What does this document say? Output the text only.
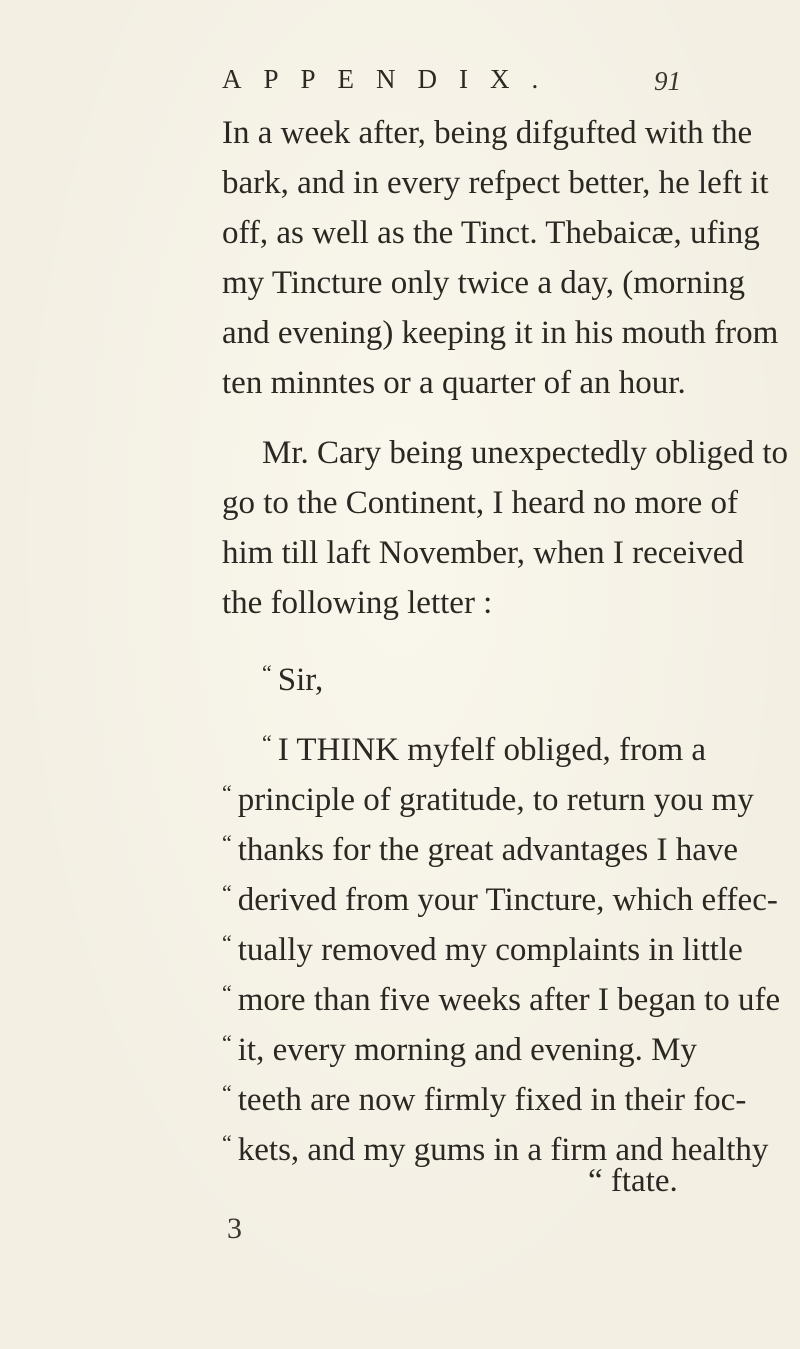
APPENDIX.	91
In a week after, being difgufted with the
bark, and in every refpect better, he left it
off, as well as the Tinct. Thebaicæ, ufing
my Tincture only twice a day, (morning
and evening) keeping it in his mouth from
ten minntes or a quarter of an hour.
Mr. Cary being unexpectedly obliged to
go to the Continent, I heard no more of
him till laft November, when I received
the following letter :
“ Sir,
“ I THINK myfelf obliged, from a
“ principle of gratitude, to return you my
“ thanks for the great advantages I have
“ derived from your Tincture, which effec-
“ tually removed my complaints in little
“ more than five weeks after I began to ufe
“ it, every morning and evening. My
“ teeth are now firmly fixed in their foc-
“ kets, and my gums in a firm and healthy
“ ftate.
3
